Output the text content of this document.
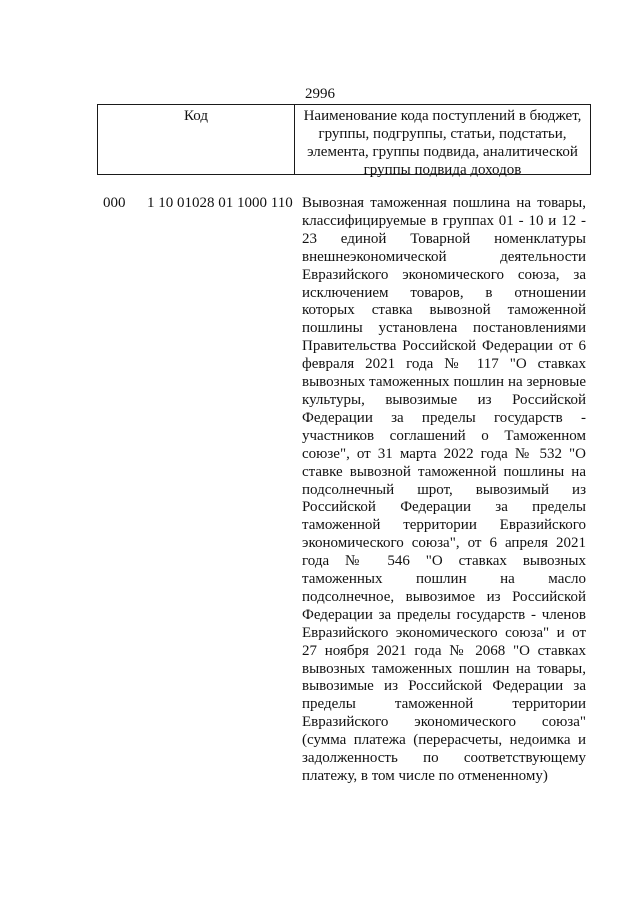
2996
Код	Наименование кода поступлений в бюджет, группы, подгруппы, статьи, подстатьи, элемента, группы подвида, аналитической группы подвида доходов
000 1 10 01028 01 1000 110 Вывозная таможенная пошлина на товары, классифицируемые в группах 01 - 10 и 12 - 23 единой Товарной номенклатуры внешнеэкономической деятельности Евразийского экономического союза, за исключением товаров, в отношении которых ставка вывозной таможенной пошлины установлена постановлениями Правительства Российской Федерации от 6 февраля 2021 года № 117 "О ставках вывозных таможенных пошлин на зерновые культуры, вывозимые из Российской Федерации за пределы государств - участников соглашений о Таможенном союзе", от 31 марта 2022 года № 532 "О ставке вывозной таможенной пошлины на подсолнечный шрот, вывозимый из Российской Федерации за пределы таможенной территории Евразийского экономического союза", от 6 апреля 2021 года № 546 "О ставках вывозных таможенных пошлин на масло подсолнечное, вывозимое из Российской Федерации за пределы государств - членов Евразийского экономического союза" и от 27 ноября 2021 года № 2068 "О ставках вывозных таможенных пошлин на товары, вывозимые из Российской Федерации за пределы таможенной территории Евразийского экономического союза" (сумма платежа (перерасчеты, недоимка и задолженность по соответствующему платежу, в том числе по отмененному)
